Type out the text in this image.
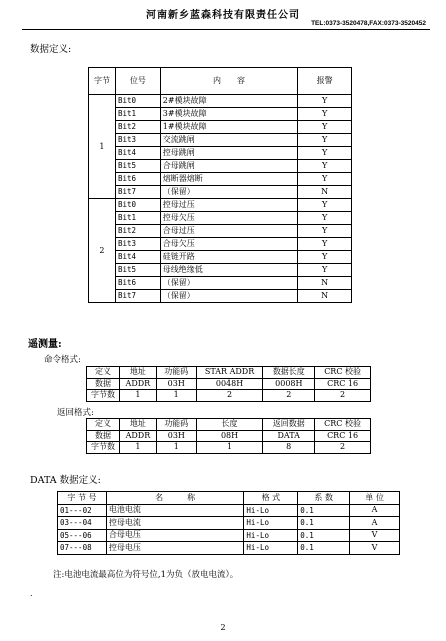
河南新乡蓝森科技有限责任公司
TEL:0373-3520478,FAX:0373-3520452
数据定义:
字节	位号	内　　容	报警
1	Bit0	2#模块故障	Y
	Bit1	3#模块故障	Y
	Bit2	1#模块故障	Y
	Bit3	交流跳闸	Y
	Bit4	控母跳闸	Y
	Bit5	合母跳闸	Y
	Bit6	熔断器熔断	Y
	Bit7	（保留）	N
2	Bit0	控母过压	Y
	Bit1	控母欠压	Y
	Bit2	合母过压	Y
	Bit3	合母欠压	Y
	Bit4	硅链开路	Y
	Bit5	母线绝缘低	Y
	Bit6	（保留）	N
	Bit7	（保留）	N
遥测量:
命令格式:
定义	地址	功能码	STAR ADDR	数据长度	CRC 校验
数据	ADDR	03H	0048H	0008H	CRC 16
字节数	1	1	2	2	2
返回格式:
定义	地址	功能码	长度	返回数据	CRC 校验
数据	ADDR	03H	08H	DATA	CRC 16
字节数	1	1	1	8	2
DATA 数据定义:
字 节 号	名　　　称	格 式	系 数	单 位
01---02	电池电流	Hi-Lo	0.1	A
03---04	控母电流	Hi-Lo	0.1	A
05---06	合母电压	Hi-Lo	0.1	V
07---08	控母电压	Hi-Lo	0.1	V
注:电池电流最高位为符号位,1为负（放电电流）。
.
2
